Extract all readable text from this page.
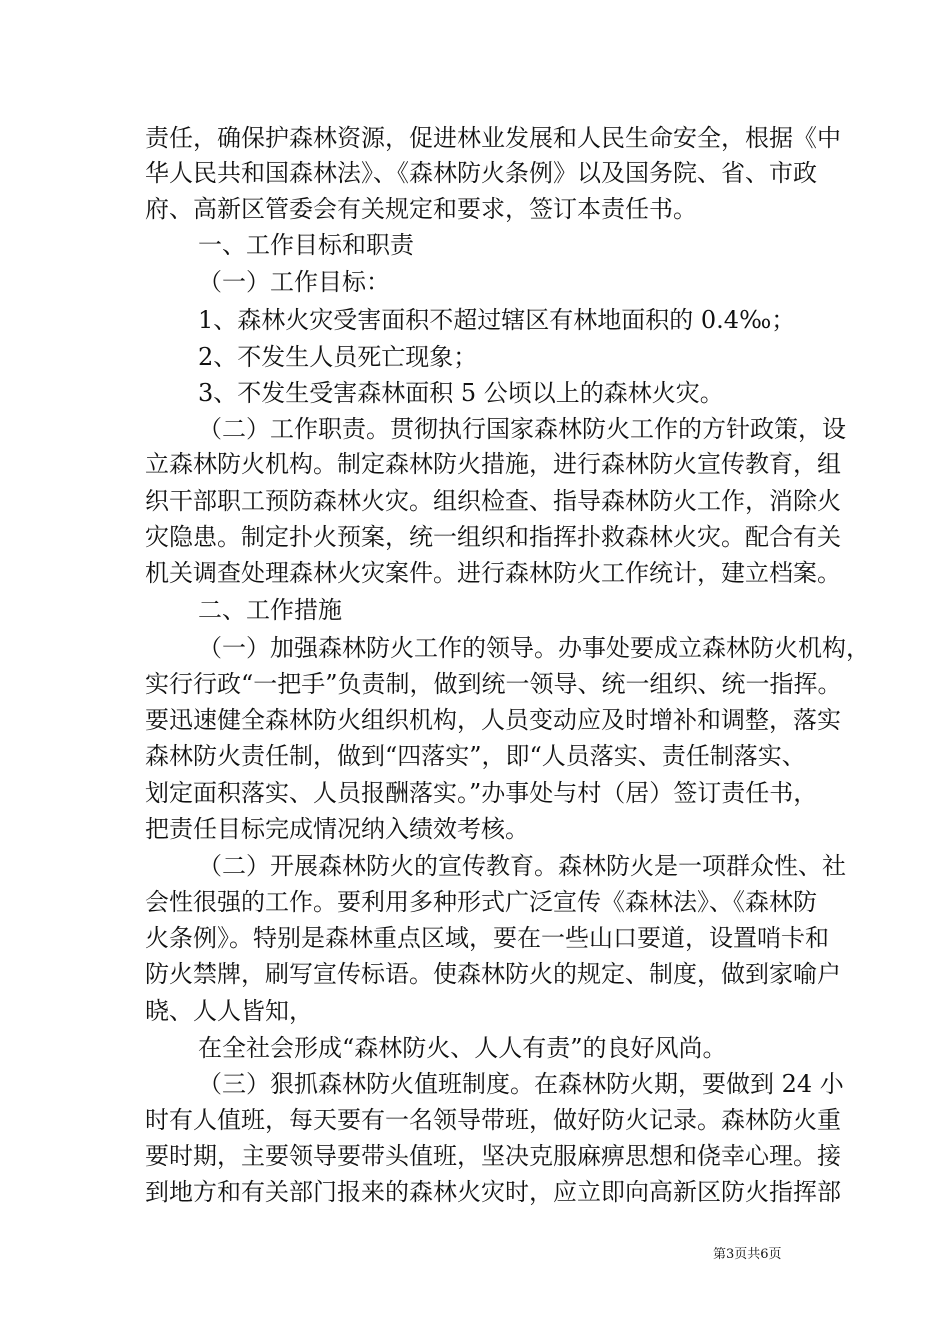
责任，确保护森林资源，促进林业发展和人民生命安全，根据《中
华人民共和国森林法》、《森林防火条例》以及国务院、省、市政
府、高新区管委会有关规定和要求，签订本责任书。
一、工作目标和职责
（一）工作目标：
1、森林火灾受害面积不超过辖区有林地面积的 0.4‰；
2、不发生人员死亡现象；
3、不发生受害森林面积 5 公顷以上的森林火灾。
（二）工作职责。贯彻执行国家森林防火工作的方针政策，设
立森林防火机构。制定森林防火措施，进行森林防火宣传教育，组
织干部职工预防森林火灾。组织检查、指导森林防火工作，消除火
灾隐患。制定扑火预案，统一组织和指挥扑救森林火灾。配合有关
机关调查处理森林火灾案件。进行森林防火工作统计，建立档案。
二、工作措施
（一）加强森林防火工作的领导。办事处要成立森林防火机构，
实行行政“一把手”负责制，做到统一领导、统一组织、统一指挥。
要迅速健全森林防火组织机构，人员变动应及时增补和调整，落实
森林防火责任制，做到“四落实”，即“人员落实、责任制落实、
划定面积落实、人员报酬落实。”办事处与村（居）签订责任书，
把责任目标完成情况纳入绩效考核。
（二）开展森林防火的宣传教育。森林防火是一项群众性、社
会性很强的工作。要利用多种形式广泛宣传《森林法》、《森林防
火条例》。特别是森林重点区域，要在一些山口要道，设置哨卡和
防火禁牌，刷写宣传标语。使森林防火的规定、制度，做到家喻户
晓、人人皆知，
在全社会形成“森林防火、人人有责”的良好风尚。
（三）狠抓森林防火值班制度。在森林防火期，要做到 24 小
时有人值班，每天要有一名领导带班，做好防火记录。森林防火重
要时期，主要领导要带头值班，坚决克服麻痹思想和侥幸心理。接
到地方和有关部门报来的森林火灾时，应立即向高新区防火指挥部
第3页共6页
